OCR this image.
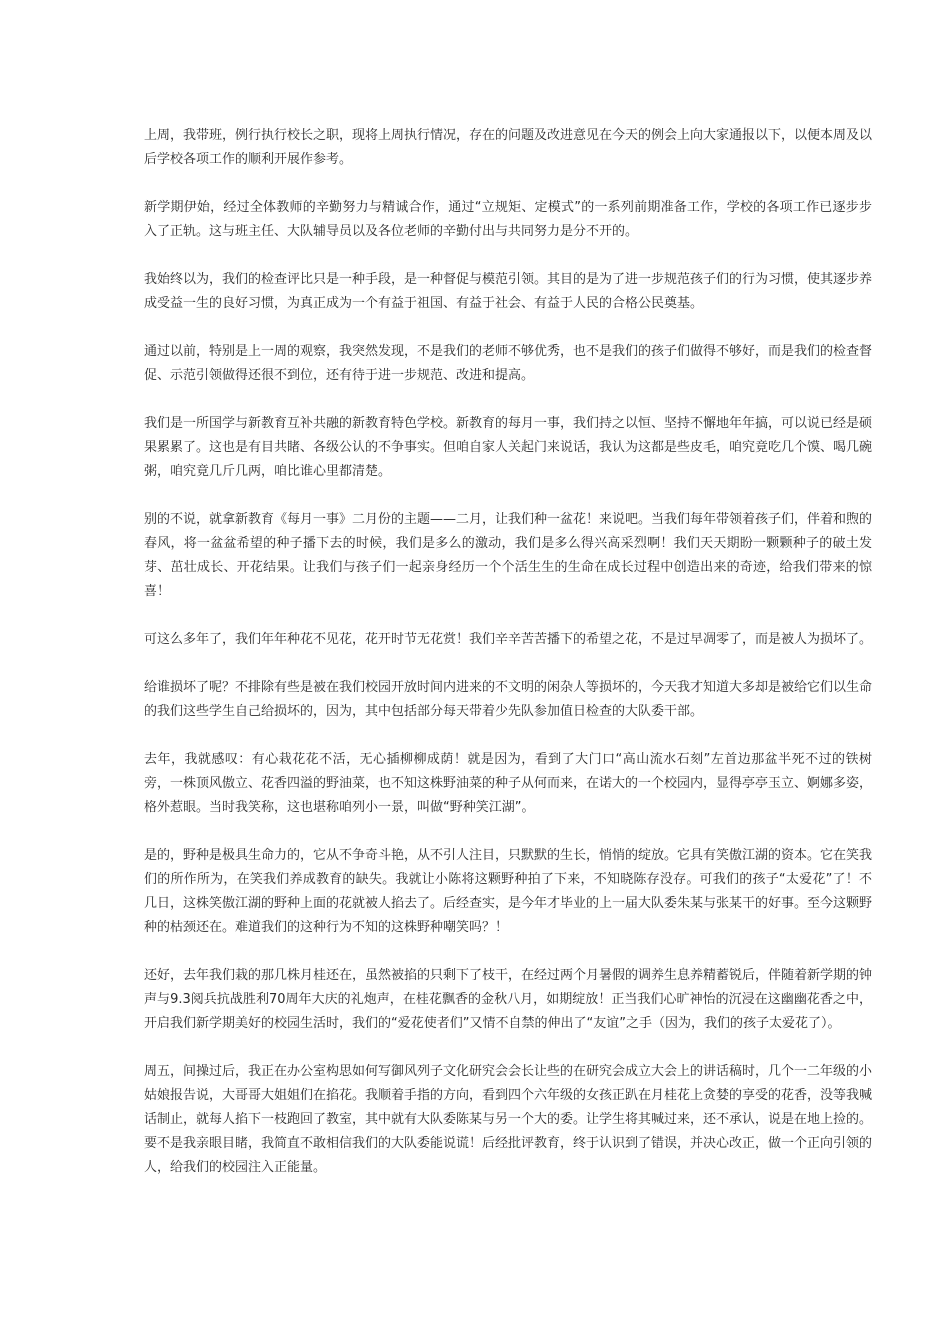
上周，我带班，例行执行校长之职，现将上周执行情况，存在的问题及改进意见在今天的例会上向大家通报以下，以便本周及以后学校各项工作的顺利开展作参考。

新学期伊始，经过全体教师的辛勤努力与精诚合作，通过“立规矩、定模式”的一系列前期准备工作，学校的各项工作已逐步步入了正轨。这与班主任、大队辅导员以及各位老师的辛勤付出与共同努力是分不开的。

我始终以为，我们的检查评比只是一种手段，是一种督促与模范引领。其目的是为了进一步规范孩子们的行为习惯，使其逐步养成受益一生的良好习惯，为真正成为一个有益于祖国、有益于社会、有益于人民的合格公民奠基。

通过以前，特别是上一周的观察，我突然发现，不是我们的老师不够优秀，也不是我们的孩子们做得不够好，而是我们的检查督促、示范引领做得还很不到位，还有待于进一步规范、改进和提高。

我们是一所国学与新教育互补共融的新教育特色学校。新教育的每月一事，我们持之以恒、坚持不懈地年年搞，可以说已经是硕果累累了。这也是有目共睹、各级公认的不争事实。但咱自家人关起门来说话，我认为这都是些皮毛，咱究竟吃几个馍、喝几碗粥，咱究竟几斤几两，咱比谁心里都清楚。

别的不说，就拿新教育《每月一事》二月份的主题——二月，让我们种一盆花！来说吧。当我们每年带领着孩子们，伴着和煦的春风，将一盆盆希望的种子播下去的时候，我们是多么的激动，我们是多么得兴高采烈啊！我们天天期盼一颗颗种子的破土发芽、茁壮成长、开花结果。让我们与孩子们一起亲身经历一个个活生生的生命在成长过程中创造出来的奇迹，给我们带来的惊喜！

可这么多年了，我们年年种花不见花，花开时节无花赏！我们辛辛苦苦播下的希望之花，不是过早凋零了，而是被人为损坏了。

给谁损坏了呢？不排除有些是被在我们校园开放时间内进来的不文明的闲杂人等损坏的，今天我才知道大多却是被给它们以生命的我们这些学生自己给损坏的，因为，其中包括部分每天带着少先队参加值日检查的大队委干部。

去年，我就感叹：有心栽花花不活，无心插柳柳成荫！就是因为，看到了大门口“高山流水石刻”左首边那盆半死不过的铁树旁，一株顶风傲立、花香四溢的野油菜，也不知这株野油菜的种子从何而来，在诺大的一个校园内，显得亭亭玉立、婀娜多姿，格外惹眼。当时我笑称，这也堪称咱列小一景，叫做“野种笑江湖”。

是的，野种是极具生命力的，它从不争奇斗艳，从不引人注目，只默默的生长，悄悄的绽放。它具有笑傲江湖的资本。它在笑我们的所作所为，在笑我们养成教育的缺失。我就让小陈将这颗野种拍了下来，不知晓陈存没存。可我们的孩子“太爱花”了！不几日，这株笑傲江湖的野种上面的花就被人掐去了。后经查实，是今年才毕业的上一届大队委朱某与张某干的好事。至今这颗野种的枯颈还在。难道我们的这种行为不知的这株野种嘲笑吗？！

还好，去年我们栽的那几株月桂还在，虽然被掐的只剩下了枝干，在经过两个月暑假的调养生息养精蓄锐后，伴随着新学期的钟声与9.3阅兵抗战胜利70周年大庆的礼炮声，在桂花飘香的金秋八月，如期绽放！正当我们心旷神怡的沉浸在这幽幽花香之中，开启我们新学期美好的校园生活时，我们的“爱花使者们”又情不自禁的伸出了“友谊”之手（因为，我们的孩子太爱花了）。

周五，间操过后，我正在办公室构思如何写御风列子文化研究会会长让些的在研究会成立大会上的讲话稿时，几个一二年级的小姑娘报告说，大哥哥大姐姐们在掐花。我顺着手指的方向，看到四个六年级的女孩正趴在月桂花上贪婪的享受的花香，没等我喊话制止，就每人掐下一枝跑回了教室，其中就有大队委陈某与另一个大的委。让学生将其喊过来，还不承认，说是在地上捡的。要不是我亲眼目睹，我简直不敢相信我们的大队委能说谎！后经批评教育，终于认识到了错误，并决心改正，做一个正向引领的人，给我们的校园注入正能量。
